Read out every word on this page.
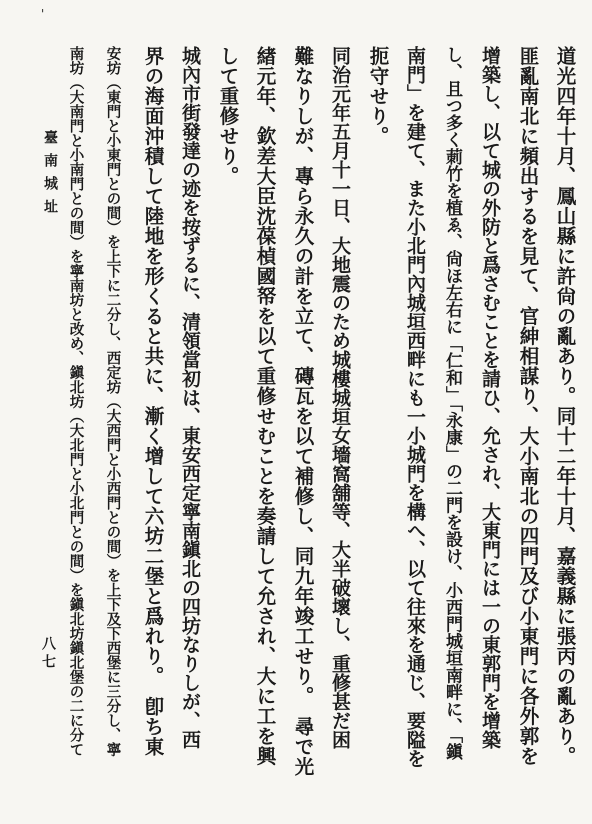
'
道光四年十月、鳳山縣に許尙の亂あり。同十二年十月、嘉義縣に張丙の亂あり。
匪亂南北に頻出するを見て、官紳相謀り、大小南北の四門及び小東門に各外郭を
增築し、以て城の外防と爲さむことを請ひ、允され、大東門には一の東郭門を增築
し、且つ多く莿竹を植ゑ、尙ほ左右に「仁和」「永康」の二門を設け、小西門城垣南畔に、「鎭
南門」を建て、また小北門內城垣西畔にも一小城門を構へ、以て往來を通じ、要隘を
扼守せり。
同治元年五月十一日、大地震のため城樓城垣女墻窩舖等、大半破壞し、重修甚だ困
難なりしが、專ら永久の計を立て、磚瓦を以て補修し、同九年竣工せり。　尋で光
緖元年、欽差大臣沈葆楨國帑を以て重修せむことを奏請して允され、大に工を興
して重修せり。
城內市街發達の迹を按ずるに、清領當初は、東安西定寧南鎭北の四坊なりしが、西
界の海面沖積して陸地を形くると共に、漸く增して六坊二堡と爲れり。　卽ち東
安坊（東門と小東門との間）を上下に二分し、西定坊（大西門と小西門との間）を上下及下西堡に三分し、寧
南坊（大南門と小南門との間）を寧南坊と改め、鎭北坊（大北門と小北門との間）を鎭北坊鎭北堡の二に分て
臺南城址
八七
